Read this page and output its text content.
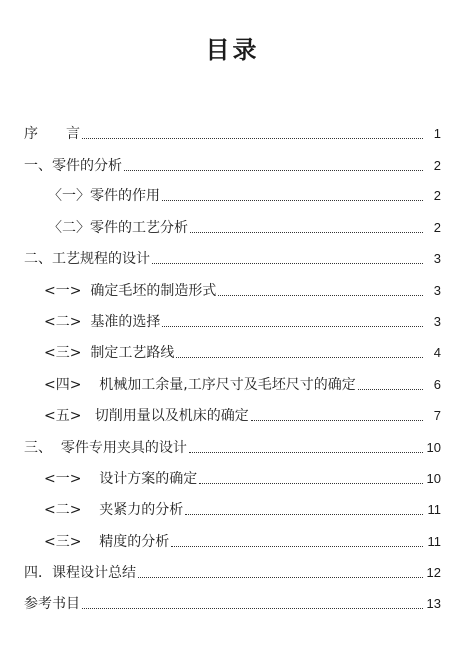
目录
序　　言	1
一、零件的分析	2
〈一〉零件的作用	2
〈二〉零件的工艺分析	2
二、工艺规程的设计	3
<一>  确定毛坯的制造形式	3
<二>  基准的选择	3
<三>  制定工艺路线	4
<四>    机械加工余量,工序尺寸及毛坯尺寸的确定	6
<五>   切削用量以及机床的确定	7
三、  零件专用夹具的设计	10
<一>    设计方案的确定	10
<二>    夹紧力的分析	11
<三>    精度的分析	11
四．课程设计总结	12
参考书目	13
